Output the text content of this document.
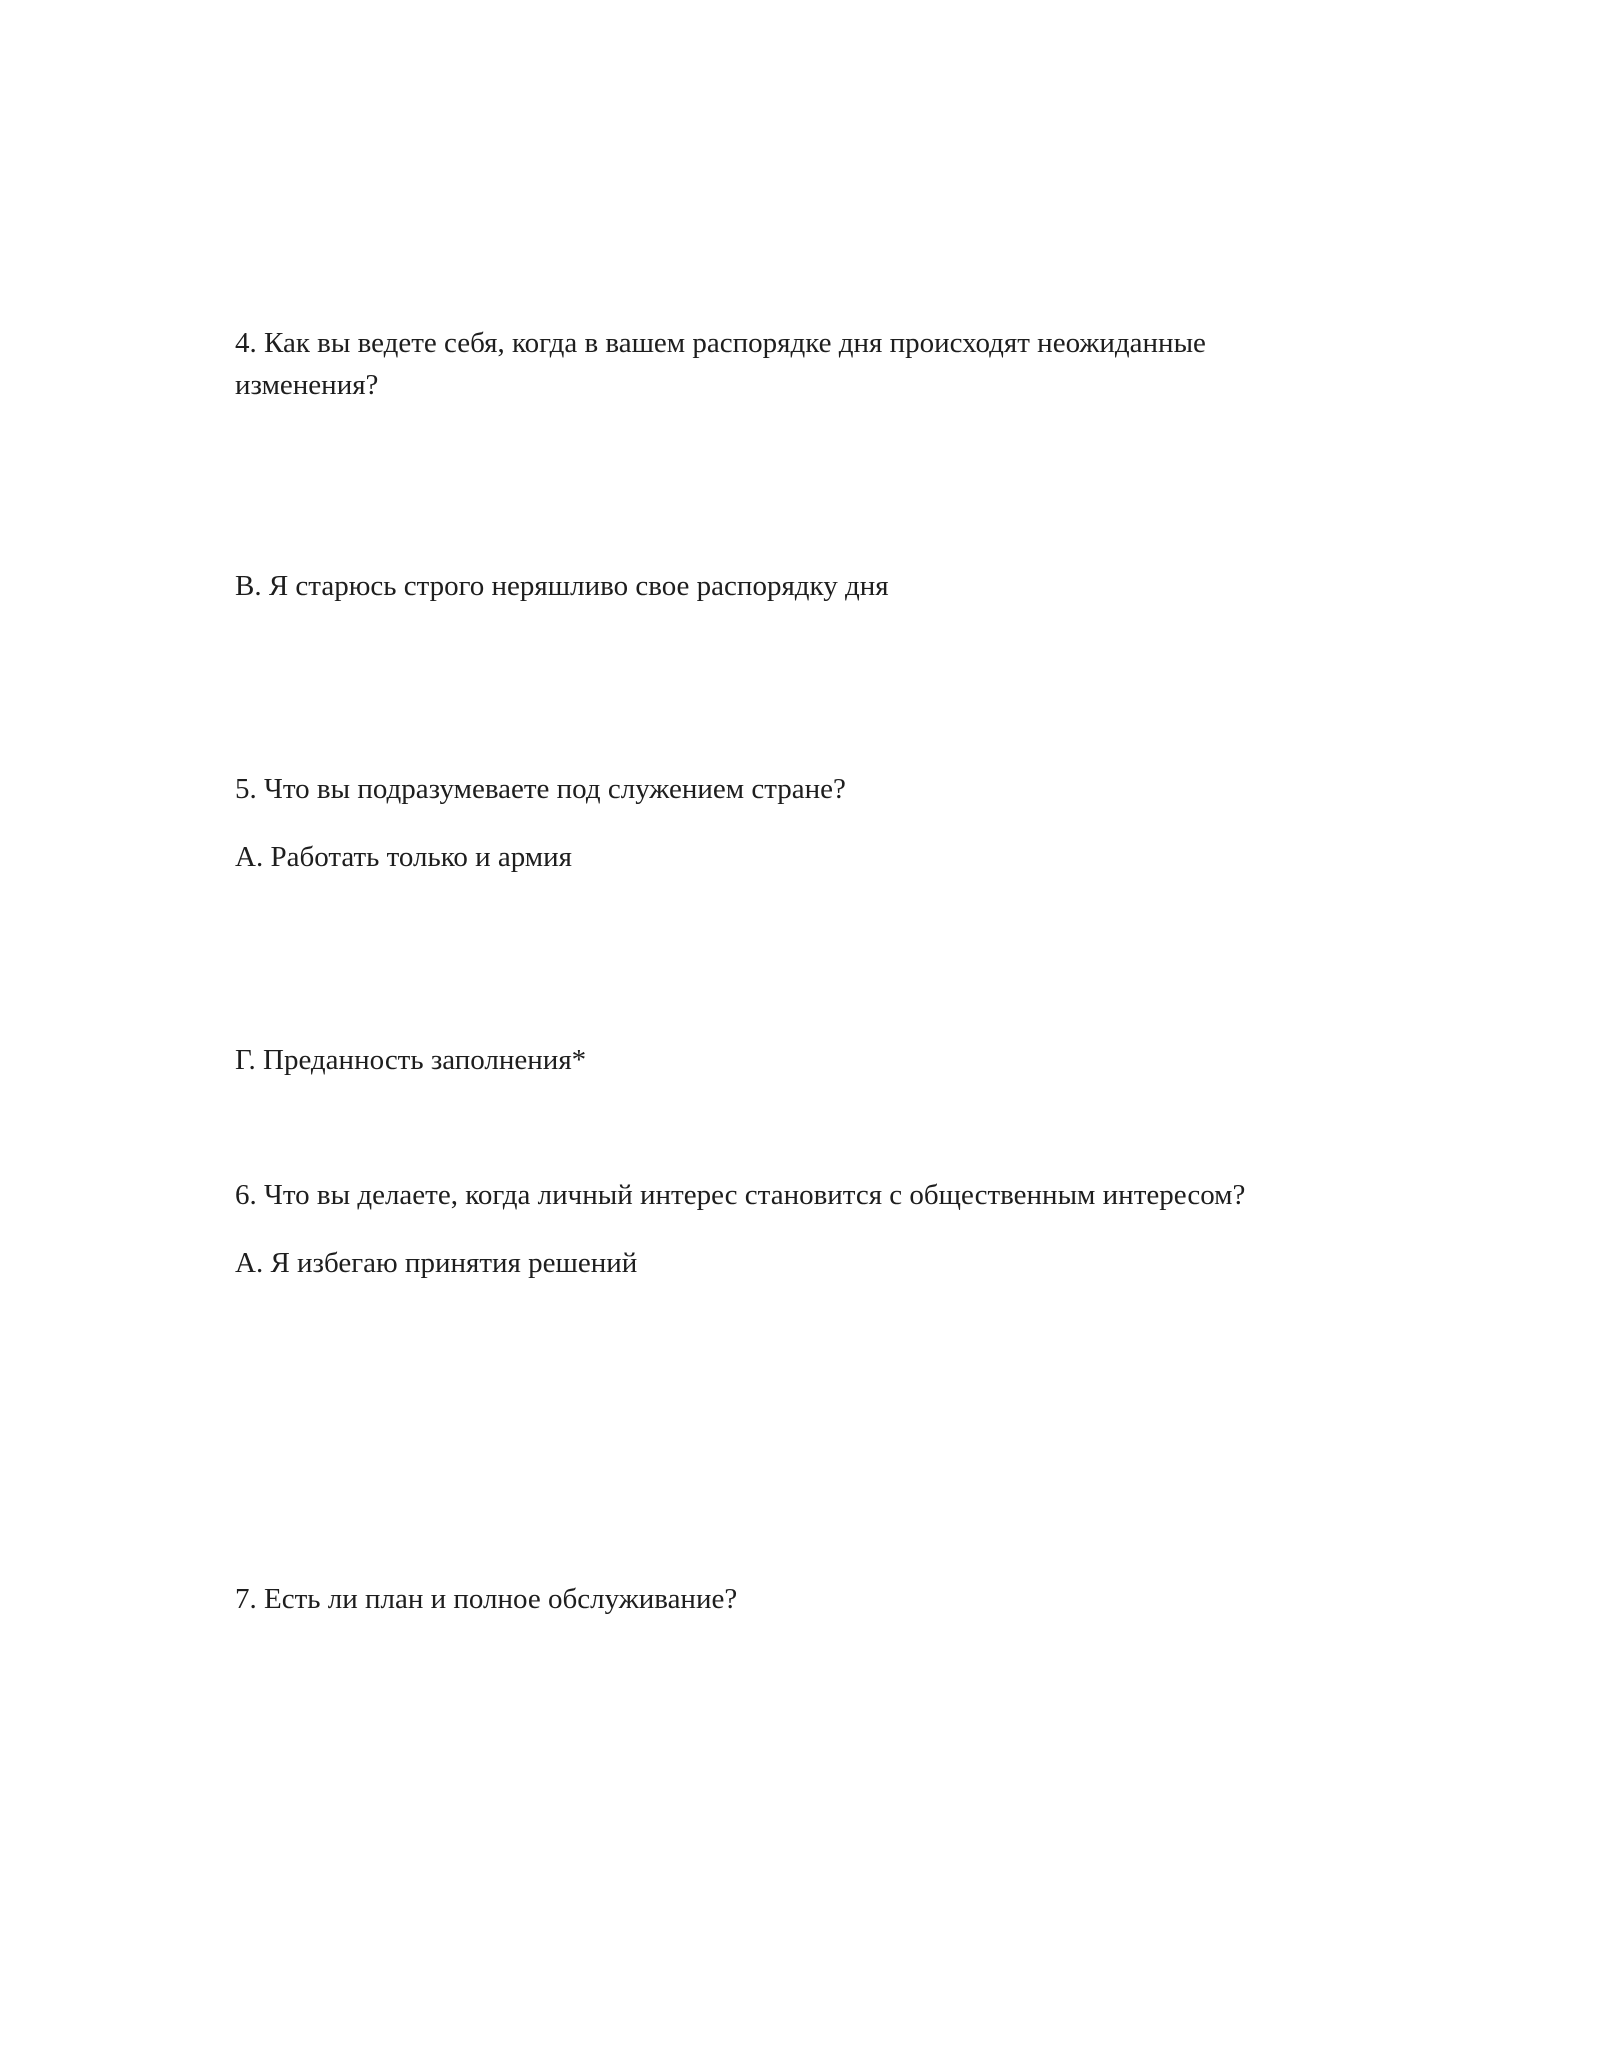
4. Как вы ведете себя, когда в вашем распорядке дня происходят неожиданные

изменения?

В. Я старюсь строго неряшливо свое распорядку дня

5. Что вы подразумеваете под служением стране?

А. Работать только и армия

Г. Преданность заполнения*

6. Что вы делаете, когда личный интерес становится с общественным интересом?

А. Я избегаю принятия решений

7. Есть ли план и полное обслуживание?
